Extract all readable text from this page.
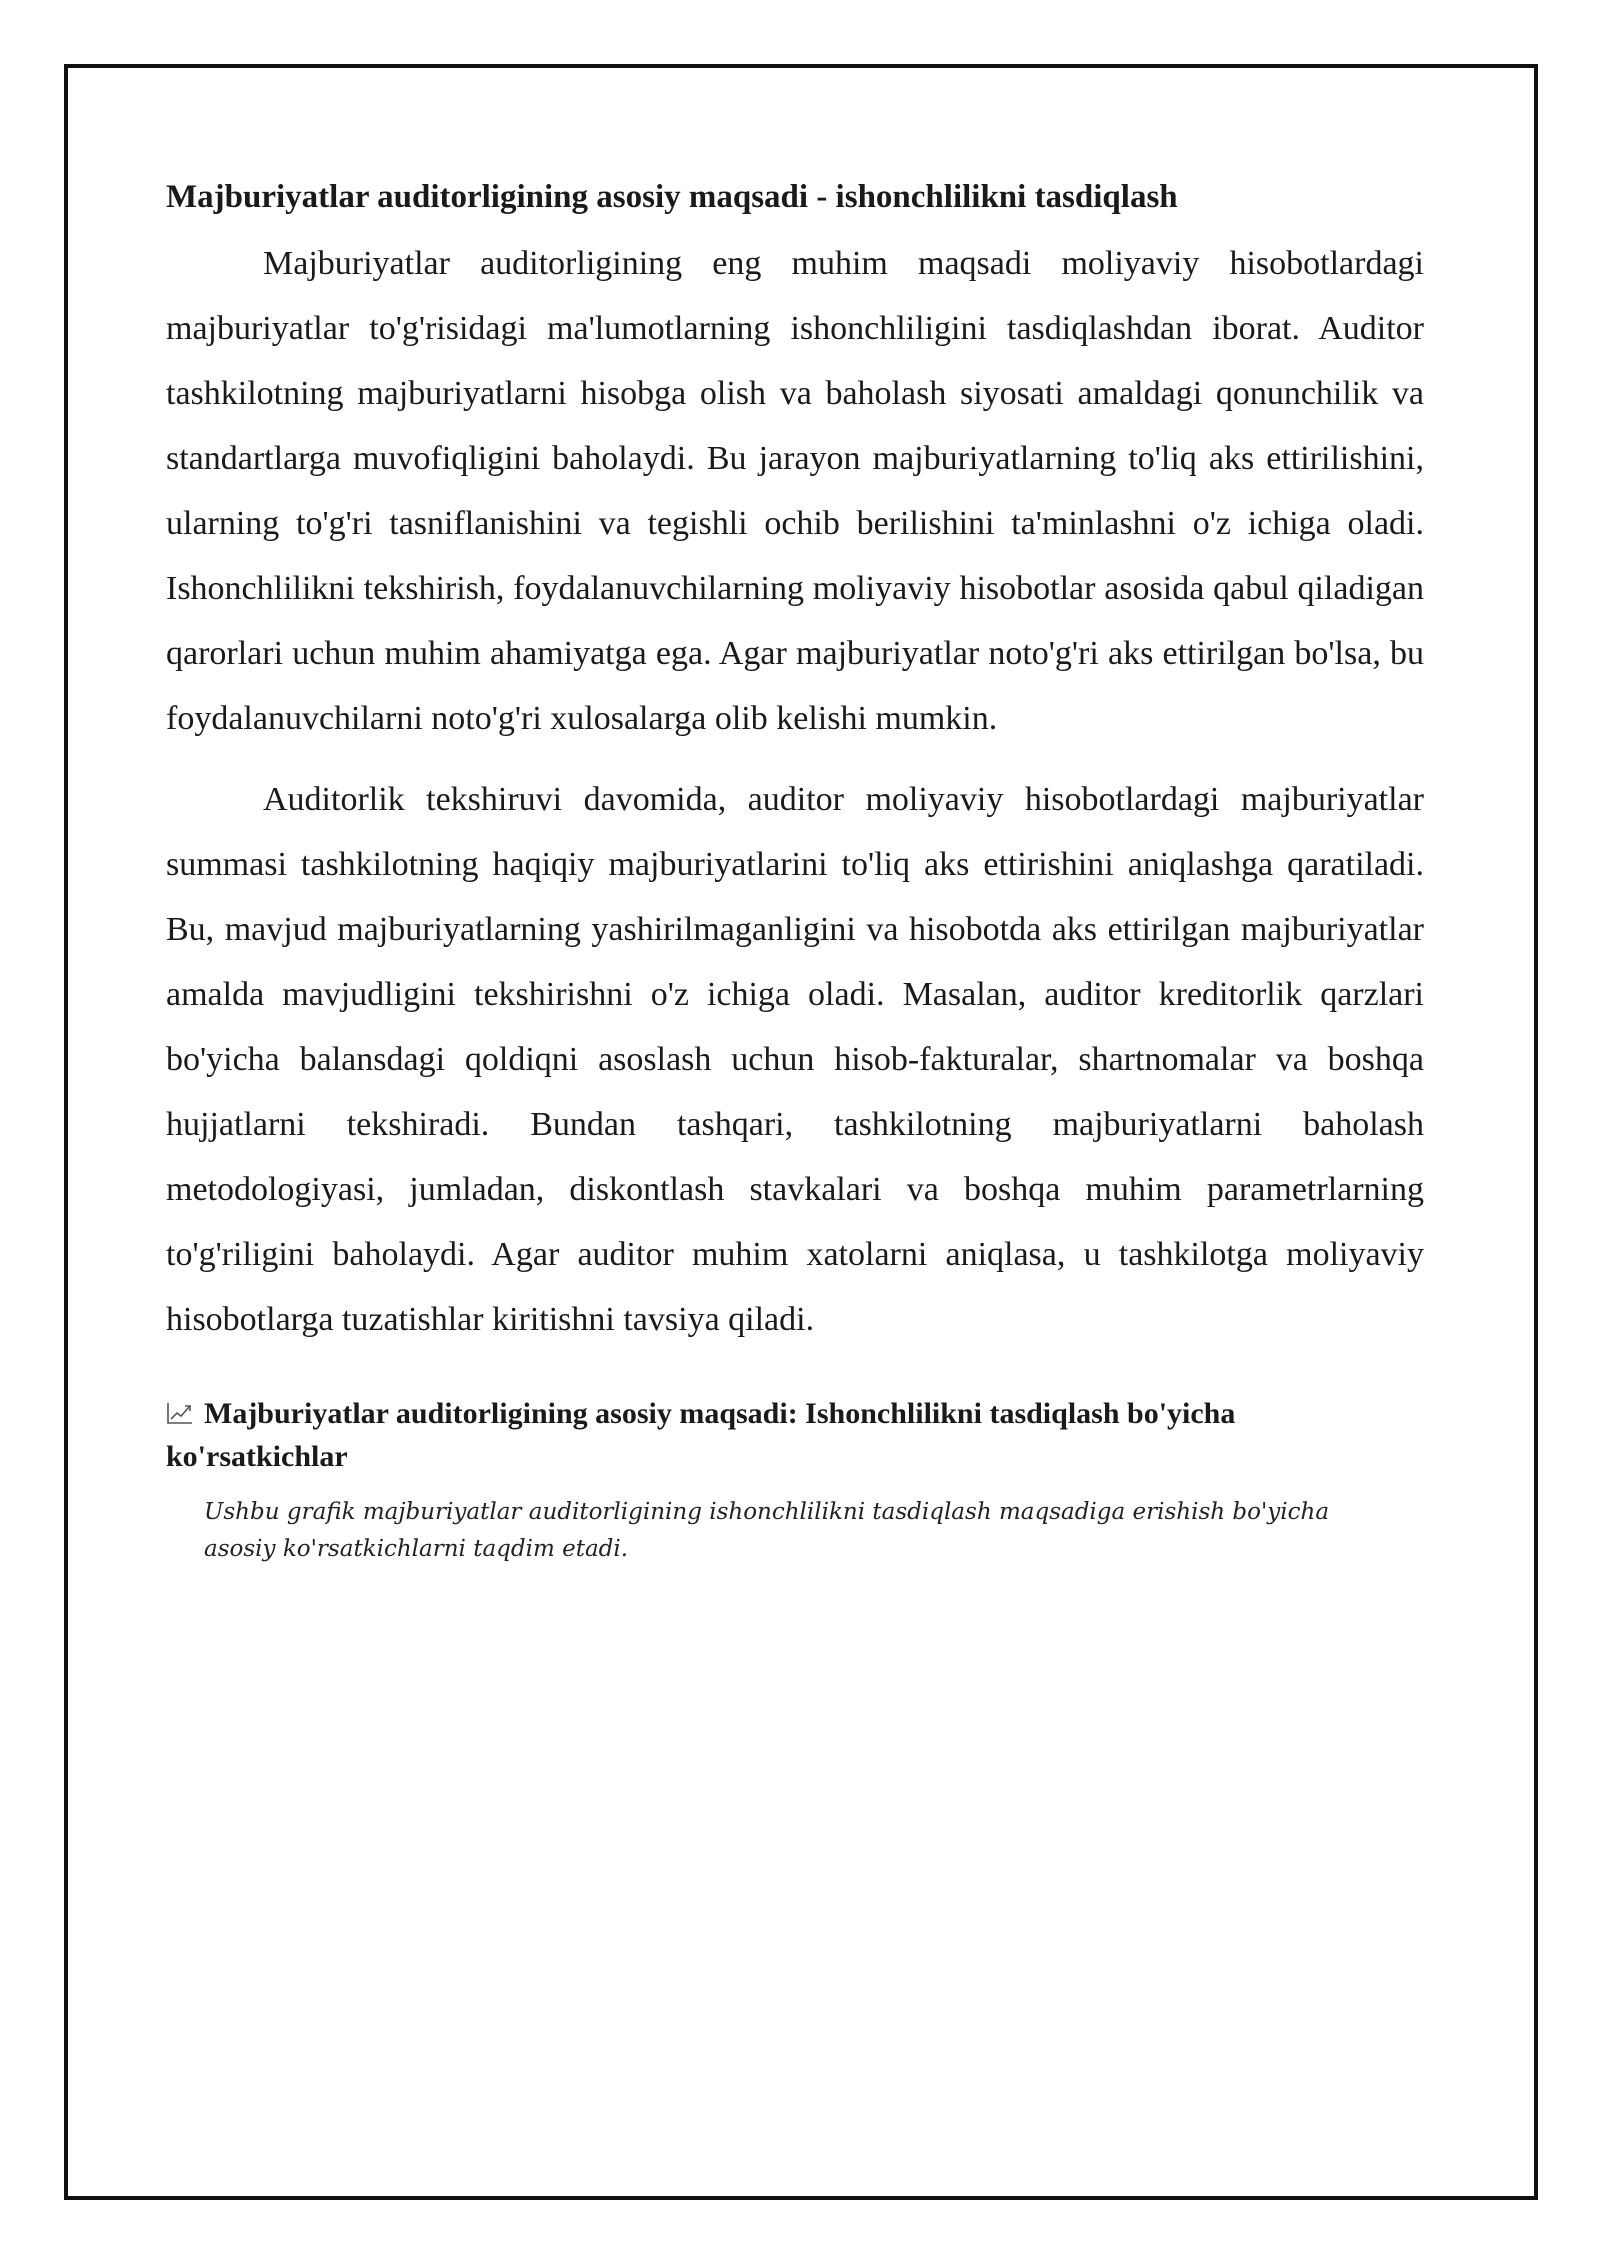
Majburiyatlar auditorligining asosiy maqsadi - ishonchlilikni tasdiqlash

Majburiyatlar auditorligining eng muhim maqsadi moliyaviy hisobotlardagi majburiyatlar to'g'risidagi ma'lumotlarning ishonchliligini tasdiqlashdan iborat. Auditor tashkilotning majburiyatlarni hisobga olish va baholash siyosati amaldagi qonunchilik va standartlarga muvofiqligini baholaydi. Bu jarayon majburiyatlarning to'liq aks ettirilishini, ularning to'g'ri tasniflanishini va tegishli ochib berilishini ta'minlashni o'z ichiga oladi. Ishonchlilikni tekshirish, foydalanuvchilarning moliyaviy hisobotlar asosida qabul qiladigan qarorlari uchun muhim ahamiyatga ega. Agar majburiyatlar noto'g'ri aks ettirilgan bo'lsa, bu foydalanuvchilarni noto'g'ri xulosalarga olib kelishi mumkin.

Auditorlik tekshiruvi davomida, auditor moliyaviy hisobotlardagi majburiyatlar summasi tashkilotning haqiqiy majburiyatlarini to'liq aks ettirishini aniqlashga qaratiladi. Bu, mavjud majburiyatlarning yashirilmaganligini va hisobotda aks ettirilgan majburiyatlar amalda mavjudligini tekshirishni o'z ichiga oladi. Masalan, auditor kreditorlik qarzlari bo'yicha balansdagi qoldiqni asoslash uchun hisob-fakturalar, shartnomalar va boshqa hujjatlarni tekshiradi. Bundan tashqari, tashkilotning majburiyatlarni baholash metodologiyasi, jumladan, diskontlash stavkalari va boshqa muhim parametrlarning to'g'riligini baholaydi. Agar auditor muhim xatolarni aniqlasa, u tashkilotga moliyaviy hisobotlarga tuzatishlar kiritishni tavsiya qiladi.

Majburiyatlar auditorligining asosiy maqsadi: Ishonchlilikni tasdiqlash bo'yicha ko'rsatkichlar
Ushbu grafik majburiyatlar auditorligining ishonchlilikni tasdiqlash maqsadiga erishish bo'yicha asosiy ko'rsatkichlarni taqdim etadi.
